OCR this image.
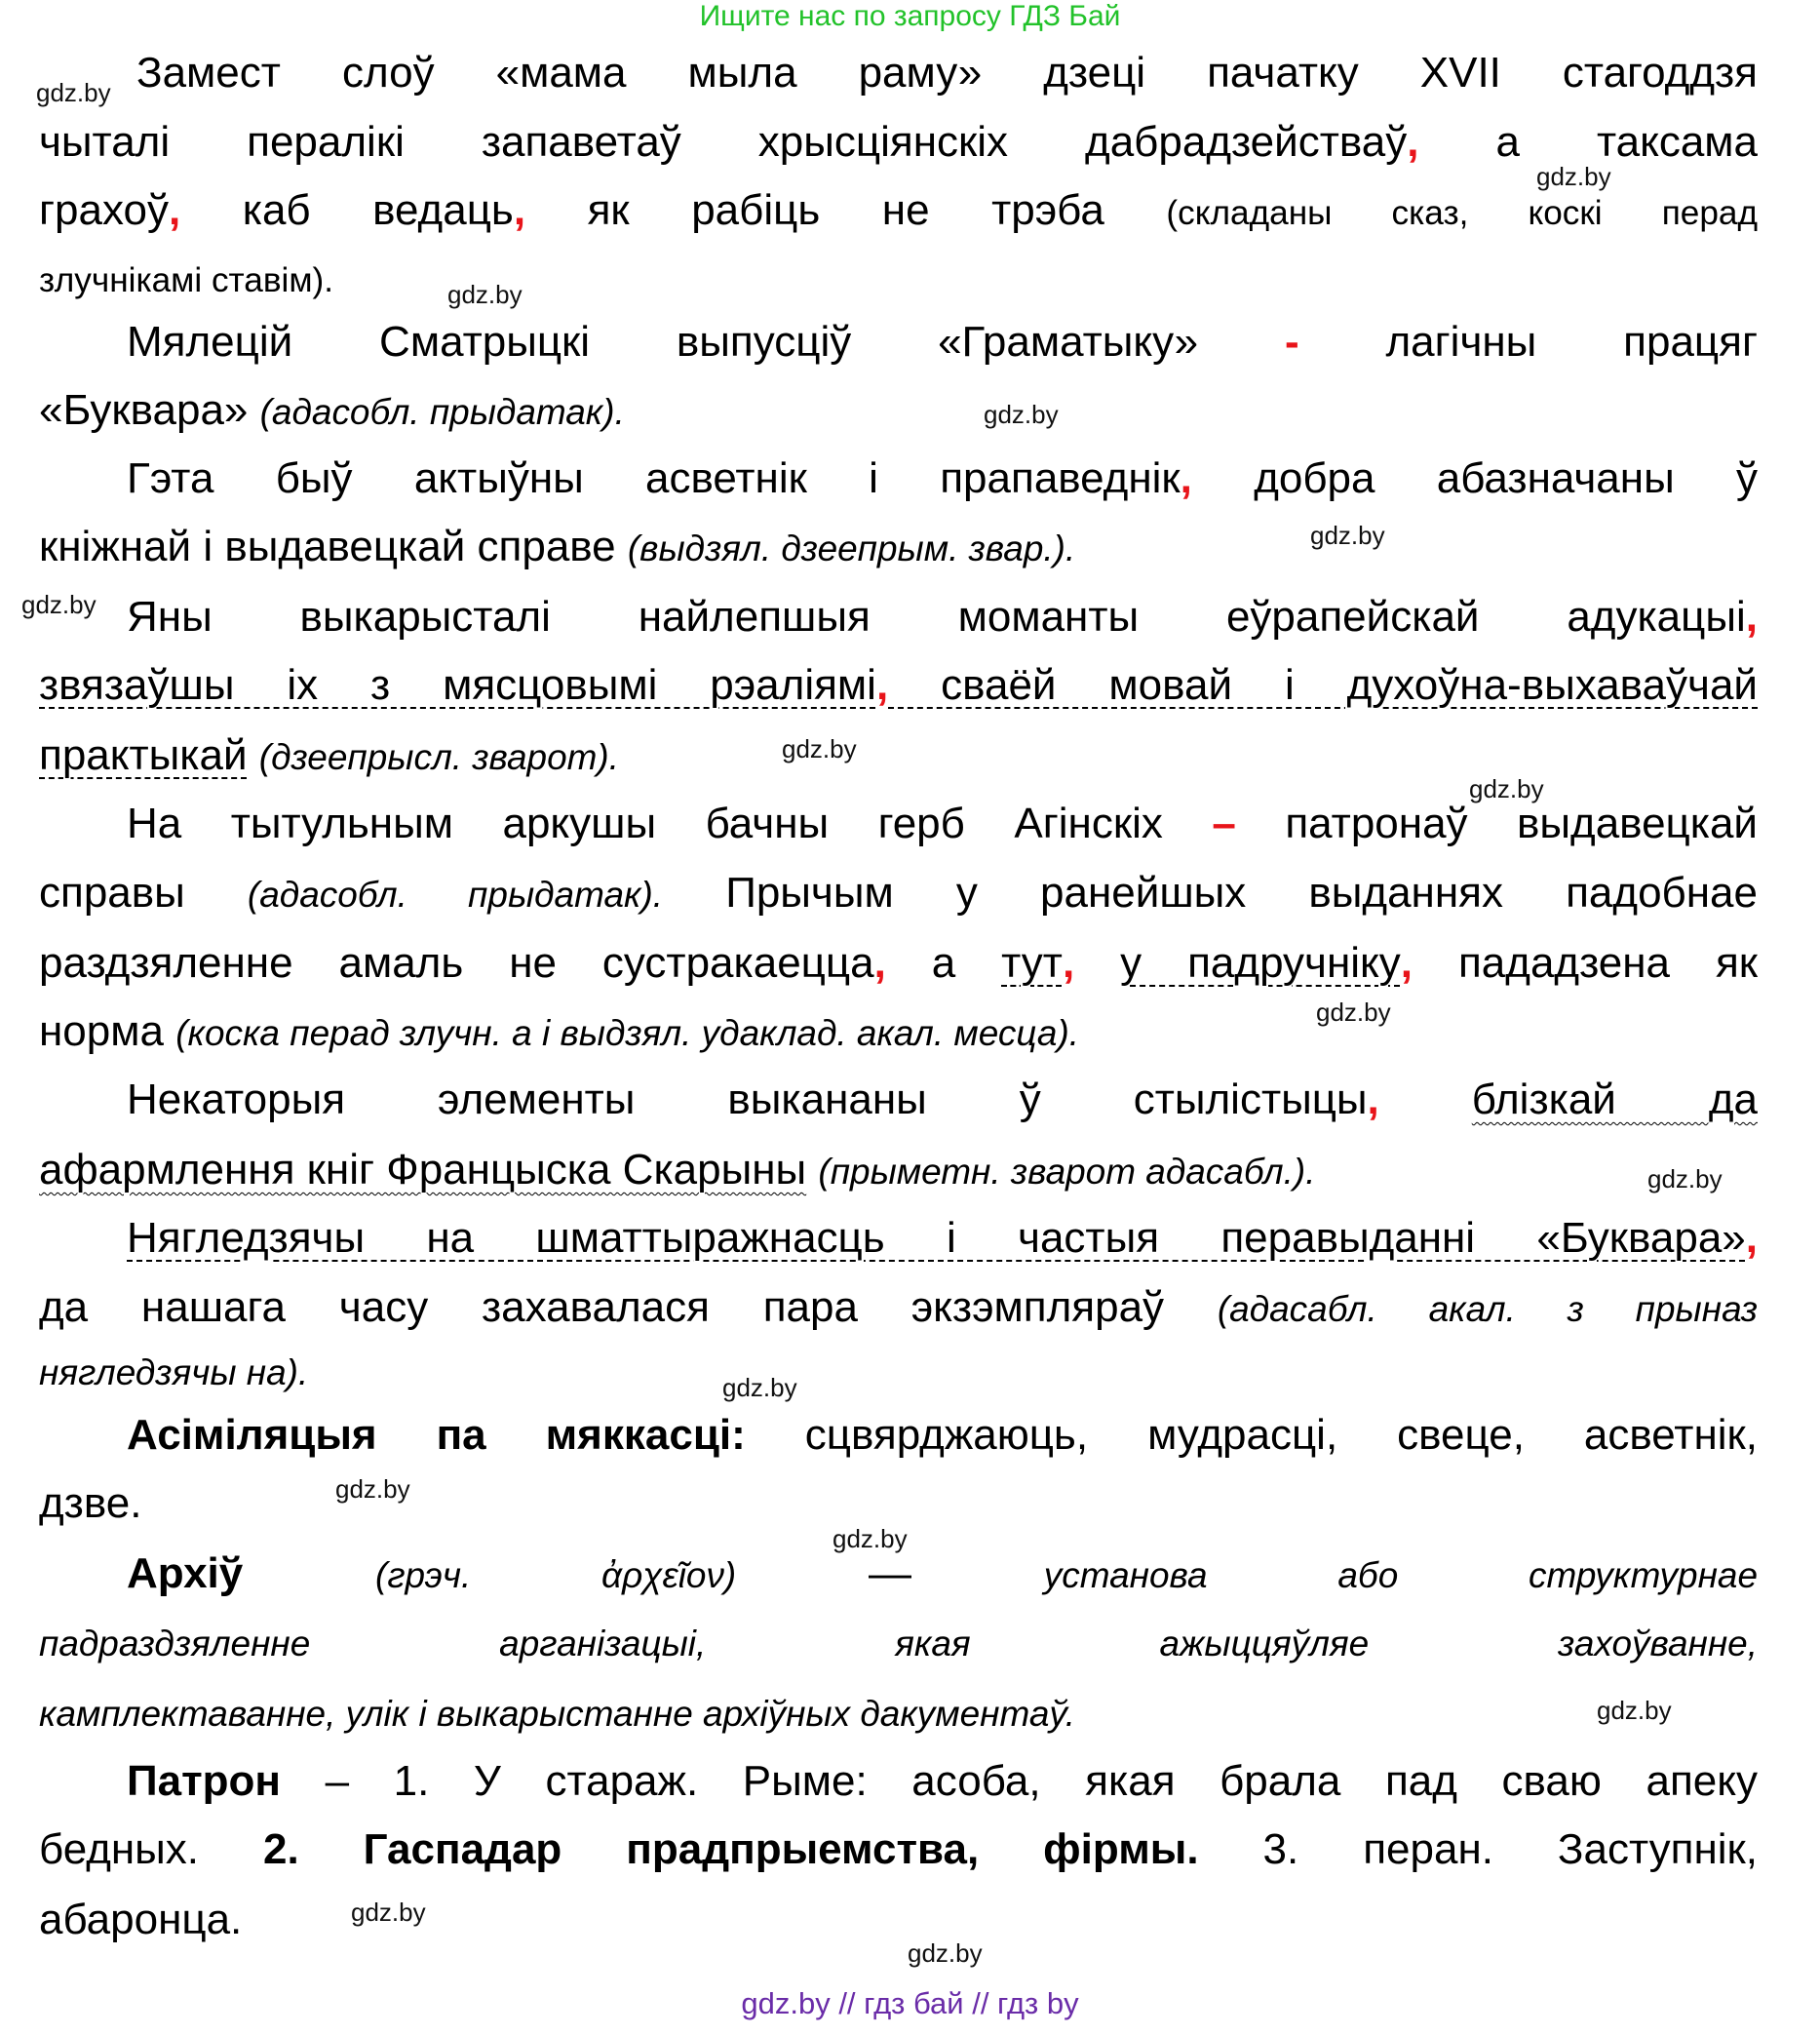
Ищите нас по запросу ГДЗ Бай
Замест слоў «мама мыла раму» дзеці пачатку XVII стагоддзя
чыталі пералікі запаветаў хрысціянскіх дабрадзействаў, а таксама
грахоў, каб ведаць, як рабіць не трэба (складаны сказ, коскі перад
злучнікамі ставім).
Мялецій Сматрыцкі выпусціў «Граматыку» - лагічны працяг
«Буквара» (адасобл. прыдатак).
Гэта быў актыўны асветнік і прапаведнік, добра абазначаны ў
кніжнай і выдавецкай справе (выдзял. дзеепрым. звар.).
Яны выкарысталі найлепшыя моманты еўрапейскай адукацыі,
звязаўшы іх з мясцовымі рэаліямі, сваёй мовай і духоўна-выхаваўчай
практыкай (дзеепрысл. зварот).
На тытульным аркушы бачны герб Агінскіх – патронаў выдавецкай
справы (адасобл. прыдатак). Прычым у ранейшых выданнях падобнае
раздзяленне амаль не сустракаецца, а тут, у падручніку, пададзена як
норма (коска перад злучн. а і выдзял. удаклад. акал. месца).
Некаторыя элементы выкананы ў стылістыцы, блізкай да
афармлення кніг Францыска Скарыны (прыметн. зварот адасабл.).
Нягледзячы на шматтыражнасць і частыя перавыданні «Буквара»,
да нашага часу захавалася пара экзэмпляраў (адасабл. акал. з прыназ
нягледзячы на).
Асіміляцыя па мяккасці: сцвярджаюць, мудрасці, свеце, асветнік,
дзве.
Архіў	(грэч. ἀρχεῖον) — установа або структурнае
падраздзяленне арганізацыі, якая ажыццяўляе захоўванне,
камплектаванне, улік і выкарыстанне архіўных дакументаў.
Патрон – 1. У старaж. Рыме: асоба, якая брала пад сваю апеку
бедных. 2. Гаспадар прадпрыемства, фірмы. 3. перан. Заступнік,
абаронца.
gdz.by
gdz.by
gdz.by
gdz.by
gdz.by
gdz.by
gdz.by
gdz.by
gdz.by
gdz.by
gdz.by
gdz.by
gdz.by
gdz.by
gdz.by
gdz.by
gdz.by // гдз бай // гдз by
